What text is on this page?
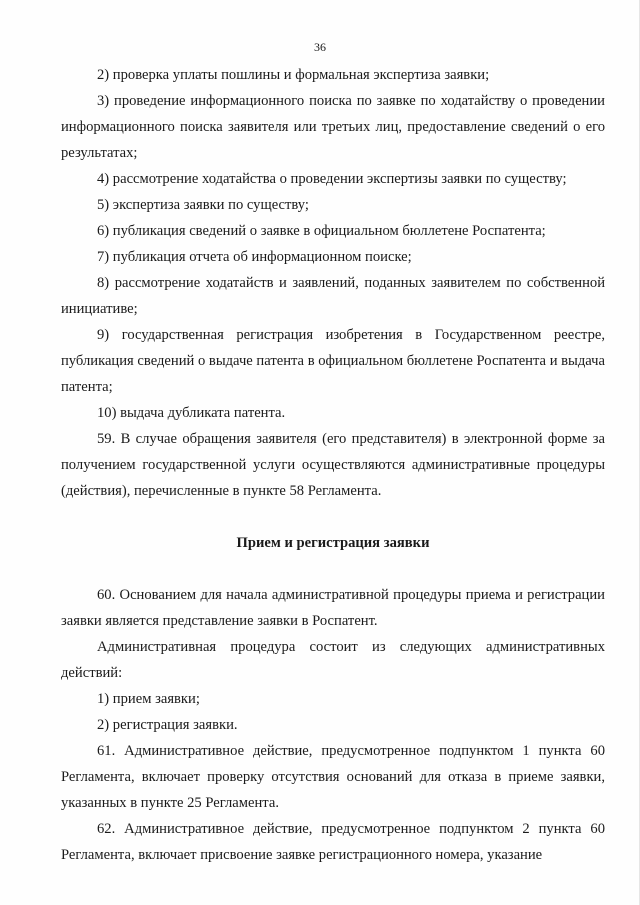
36

2) проверка уплаты пошлины и формальная экспертиза заявки;

3) проведение информационного поиска по заявке по ходатайству о проведении информационного поиска заявителя или третьих лиц, предоставление сведений о его результатах;

4) рассмотрение ходатайства о проведении экспертизы заявки по существу;

5) экспертиза заявки по существу;

6) публикация сведений о заявке в официальном бюллетене Роспатента;

7) публикация отчета об информационном поиске;

8) рассмотрение ходатайств и заявлений, поданных заявителем по собственной инициативе;

9) государственная регистрация изобретения в Государственном реестре, публикация сведений о выдаче патента в официальном бюллетене Роспатента и выдача патента;

10) выдача дубликата патента.

59. В случае обращения заявителя (его представителя) в электронной форме за получением государственной услуги осуществляются административные процедуры (действия), перечисленные в пункте 58 Регламента.

Прием и регистрация заявки

60. Основанием для начала административной процедуры приема и регистрации заявки является представление заявки в Роспатент.

Административная процедура состоит из следующих административных действий:

1) прием заявки;

2) регистрация заявки.

61. Административное действие, предусмотренное подпунктом 1 пункта 60 Регламента, включает проверку отсутствия оснований для отказа в приеме заявки, указанных в пункте 25 Регламента.

62. Административное действие, предусмотренное подпунктом 2 пункта 60 Регламента, включает присвоение заявке регистрационного номера, указание
